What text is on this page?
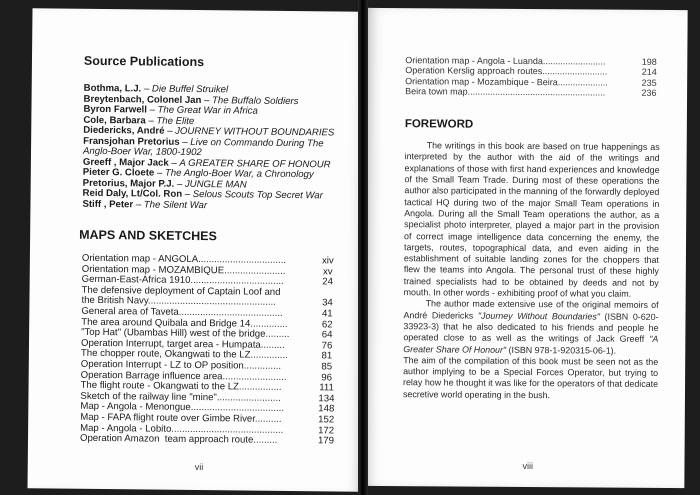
Source Publications
Bothma, L.J. – Die Buffel Struikel
Breytenbach, Colonel Jan – The Buffalo Soldiers
Byron Farwell – The Great War in Africa
Cole, Barbara – The Elite
Diedericks, André – JOURNEY WITHOUT BOUNDARIES
Fransjohan Pretorius – Live on Commando During The Anglo-Boer War, 1800-1902
Greeff , Major Jack – A GREATER SHARE OF HONOUR
Pieter G. Cloete – The Anglo-Boer War, a Chronology
Pretorius, Major P.J. – JUNGLE MAN
Reid Daly, Lt/Col. Ron – Selous Scouts Top Secret War
Stiff , Peter – The Silent War
MAPS AND SKETCHES
Orientation map - ANGOLA.................................	xiv
Orientation map - MOZAMBIQUE.......................	xv
German-East-Africa 1910...................................	24
The defensive deployment of Captain Loof and
the British Navy................................................	34
General area of Taveta.......................................	41
The area around Quibala and Bridge 14..............	62
"Top Hat" (Ubambas Hill) west of the bridge.........	64
Operation Interrupt, target area - Humpata.........	76
The chopper route, Okangwati to the LZ..............	81
Operation Interrupt - LZ to OP position..............	85
Operation Barrage influence area........................	96
The flight route - Okangwati to the LZ................	111
Sketch of the railway line "mine"........................	134
Map - Angola - Menongue...................................	148
Map - FAPA flight route over Gimbe River..........	152
Map - Angola - Lobito..........................................	172
Operation Amazon  team approach route.........	179
vii
Orientation map - Angola - Luanda.........................	198
Operation Kerslig approach routes..........................	214
Orientation map - Mozambique - Beira....................	235
Beira town map.......................................................	236
FOREWORD

The writings in this book are based on true happenings as interpreted by the author with the aid of the writings and explanations of those with first hand experiences and knowledge of the Small Team Trade. During most of these operations the author also participated in the manning of the forwardly deployed tactical HQ during two of the major Small Team operations in Angola. During all the Small Team operations the author, as a specialist photo interpreter, played a major part in the provision of correct image intelligence data concerning the enemy, the targets, routes, topographical data, and even aiding in the establishment of suitable landing zones for the choppers that flew the teams into Angola. The personal trust of these highly trained specialists had to be obtained by deeds and not by mouth. In other words - exhibiting proof of what you claim.

The author made extensive use of the original memoirs of André Diedericks "Journey Without Boundaries" (ISBN 0-620-33923-3) that he also dedicated to his friends and people he operated close to as well as the writings of Jack Greeff "A Greater Share Of Honour" (ISBN 978-1-920315-06-1).

The aim of the compilation of this book must be seen not as the author implying to be a Special Forces Operator, but trying to relay how he thought it was like for the operators of that dedicate secretive world operating in the bush.

viii
